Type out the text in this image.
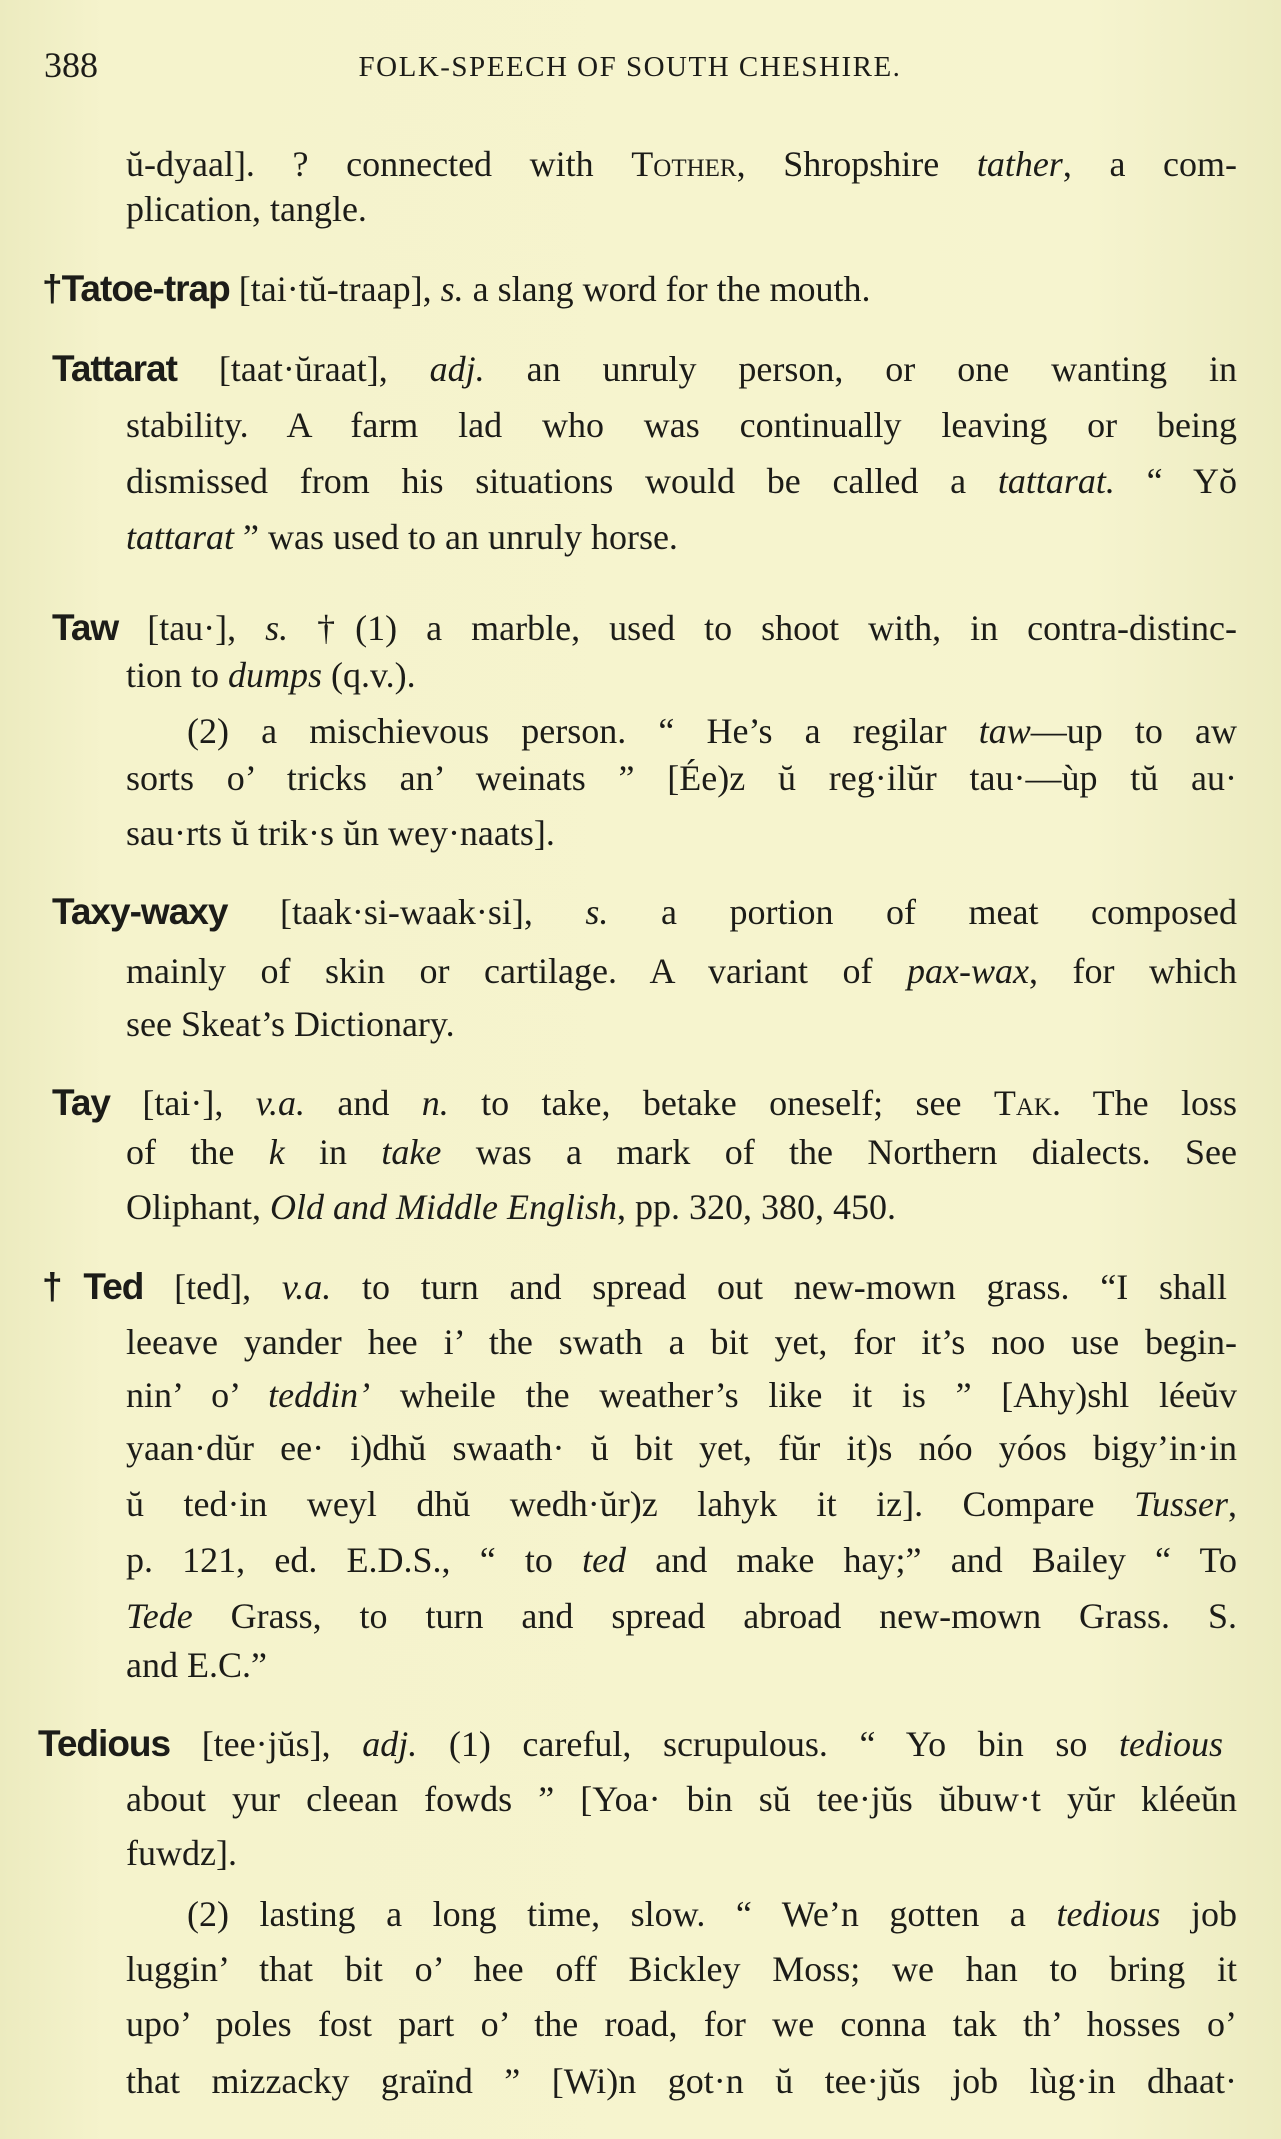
388	FOLK-SPEECH OF SOUTH CHESHIRE.
ŭ-dyaal]. ? connected with Tother, Shropshire tather, a com-
plication, tangle.
†Tatoe-trap [tai·tŭ-traap], s. a slang word for the mouth.
Tattarat [taat·ŭraat], adj. an unruly person, or one wanting in
stability. A farm lad who was continually leaving or being
dismissed from his situations would be called a tattarat. “ Yŏ
tattarat ” was used to an unruly horse.
Taw [tau·], s. †(1) a marble, used to shoot with, in contra-distinc-
tion to dumps (q.v.).
(2) a mischievous person. “ He’s a regilar taw—up to aw
sorts o’ tricks an’ weinats ” [Ée)z ŭ reg·ilŭr tau·—ùp tŭ au·
sau·rts ŭ trik·s ŭn wey·naats].
Taxy-waxy [taak·si-waak·si], s. a portion of meat composed
mainly of skin or cartilage. A variant of pax-wax, for which
see Skeat’s Dictionary.
Tay [tai·], v.a. and n. to take, betake oneself; see Tak. The loss
of the k in take was a mark of the Northern dialects. See
Oliphant, Old and Middle English, pp. 320, 380, 450.
†Ted [ted], v.a. to turn and spread out new-mown grass. “I shall
leeave yander hee i’ the swath a bit yet, for it’s noo use begin-
nin’ o’ teddin’ wheile the weather’s like it is ” [Ahy)shl léeŭv
yaan·dŭr ee· i)dhŭ swaath· ŭ bit yet, fŭr it)s nóo yóos bigy’in·in
ŭ ted·in weyl dhŭ wedh·ŭr)z lahyk it iz]. Compare Tusser,
p. 121, ed. E.D.S., “ to ted and make hay;” and Bailey “ To
Tede Grass, to turn and spread abroad new-mown Grass. S.
and E.C.”
Tedious [tee·jŭs], adj. (1) careful, scrupulous. “ Yo bin so tedious
about yur cleean fowds ” [Yoa· bin sŭ tee·jŭs ŭbuw·t yŭr kléeŭn
fuwdz].
(2) lasting a long time, slow. “ We’n gotten a tedious job
luggin’ that bit o’ hee off Bickley Moss; we han to bring it
upo’ poles fost part o’ the road, for we conna tak th’ hosses o’
that mizzacky graïnd ” [Wi)n got·n ŭ tee·jŭs job lùg·in dhaat·
